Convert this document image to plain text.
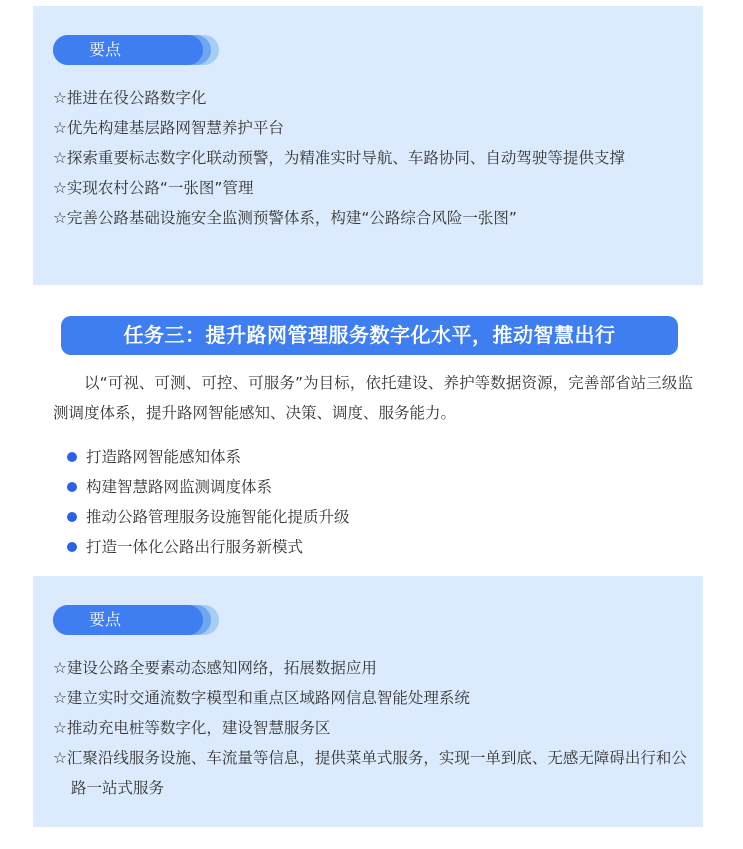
要点
☆推进在役公路数字化
☆优先构建基层路网智慧养护平台
☆探索重要标志数字化联动预警，为精准实时导航、车路协同、自动驾驶等提供支撑
☆实现农村公路“一张图”管理
☆完善公路基础设施安全监测预警体系，构建“公路综合风险一张图”
任务三：提升路网管理服务数字化水平，推动智慧出行

以“可视、可测、可控、可服务”为目标，依托建设、养护等数据资源，完善部省站三级监测调度体系，提升路网智能感知、决策、调度、服务能力。

打造路网智能感知体系
构建智慧路网监测调度体系
推动公路管理服务设施智能化提质升级
打造一体化公路出行服务新模式
要点
☆建设公路全要素动态感知网络，拓展数据应用
☆建立实时交通流数字模型和重点区域路网信息智能处理系统
☆推动充电桩等数字化，建设智慧服务区
☆汇聚沿线服务设施、车流量等信息，提供菜单式服务，实现一单到底、无感无障碍出行和公路一站式服务
